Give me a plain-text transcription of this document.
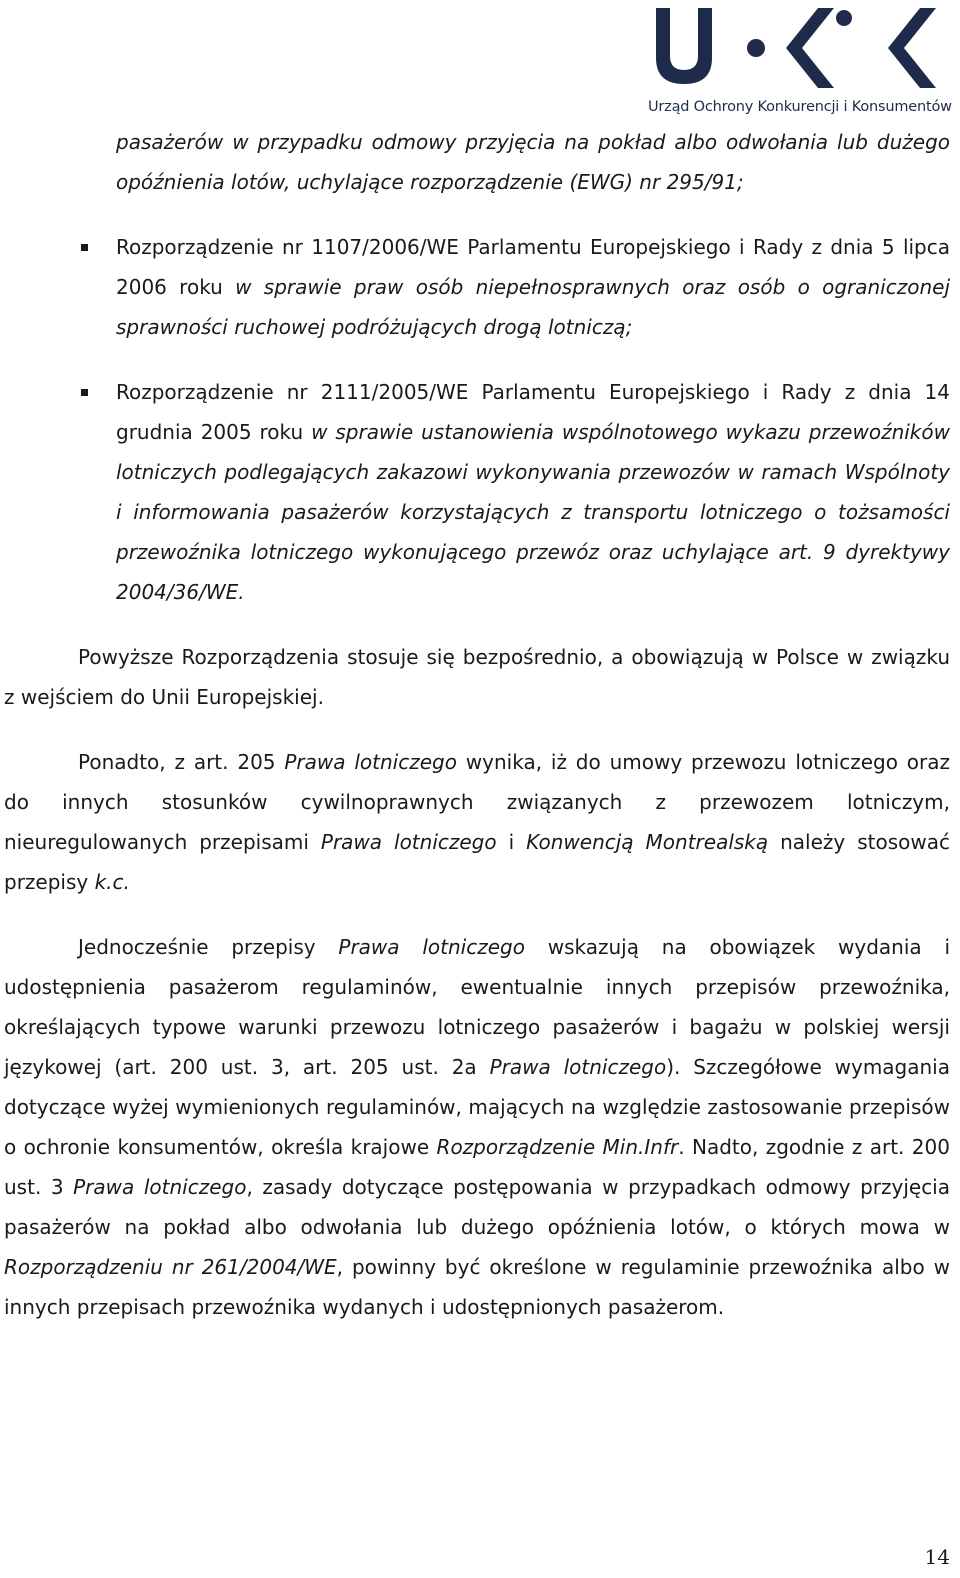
Urząd Ochrony Konkurencji i Konsumentów

pasażerów w przypadku odmowy przyjęcia na pokład albo odwołania lub dużego opóźnienia lotów, uchylające rozporządzenie (EWG) nr 295/91;

Rozporządzenie nr 1107/2006/WE Parlamentu Europejskiego i Rady z dnia 5 lipca 2006 roku w sprawie praw osób niepełnosprawnych oraz osób o ograniczonej sprawności ruchowej podróżujących drogą lotniczą;
Rozporządzenie nr 2111/2005/WE Parlamentu Europejskiego i Rady z dnia 14 grudnia 2005 roku w sprawie ustanowienia wspólnotowego wykazu przewoźników lotniczych podlegających zakazowi wykonywania przewozów w ramach Wspólnoty i informowania pasażerów korzystających z transportu lotniczego o tożsamości przewoźnika lotniczego wykonującego przewóz oraz uchylające art. 9 dyrektywy 2004/36/WE.

Powyższe Rozporządzenia stosuje się bezpośrednio, a obowiązują w Polsce w związku z wejściem do Unii Europejskiej.

Ponadto, z art. 205 Prawa lotniczego wynika, iż do umowy przewozu lotniczego oraz do innych stosunków cywilnoprawnych związanych z przewozem lotniczym, nieuregulowanych przepisami Prawa lotniczego i Konwencją Montrealską należy stosować przepisy k.c.

Jednocześnie przepisy Prawa lotniczego wskazują na obowiązek wydania i udostępnienia pasażerom regulaminów, ewentualnie innych przepisów przewoźnika, określających typowe warunki przewozu lotniczego pasażerów i bagażu w polskiej wersji językowej (art. 200 ust. 3, art. 205 ust. 2a Prawa lotniczego). Szczegółowe wymagania dotyczące wyżej wymienionych regulaminów, mających na względzie zastosowanie przepisów o ochronie konsumentów, określa krajowe Rozporządzenie Min.Infr. Nadto, zgodnie z art. 200 ust. 3 Prawa lotniczego, zasady dotyczące postępowania w przypadkach odmowy przyjęcia pasażerów na pokład albo odwołania lub dużego opóźnienia lotów, o których mowa w Rozporządzeniu nr 261/2004/WE, powinny być określone w regulaminie przewoźnika albo w innych przepisach przewoźnika wydanych i udostępnionych pasażerom.

14
